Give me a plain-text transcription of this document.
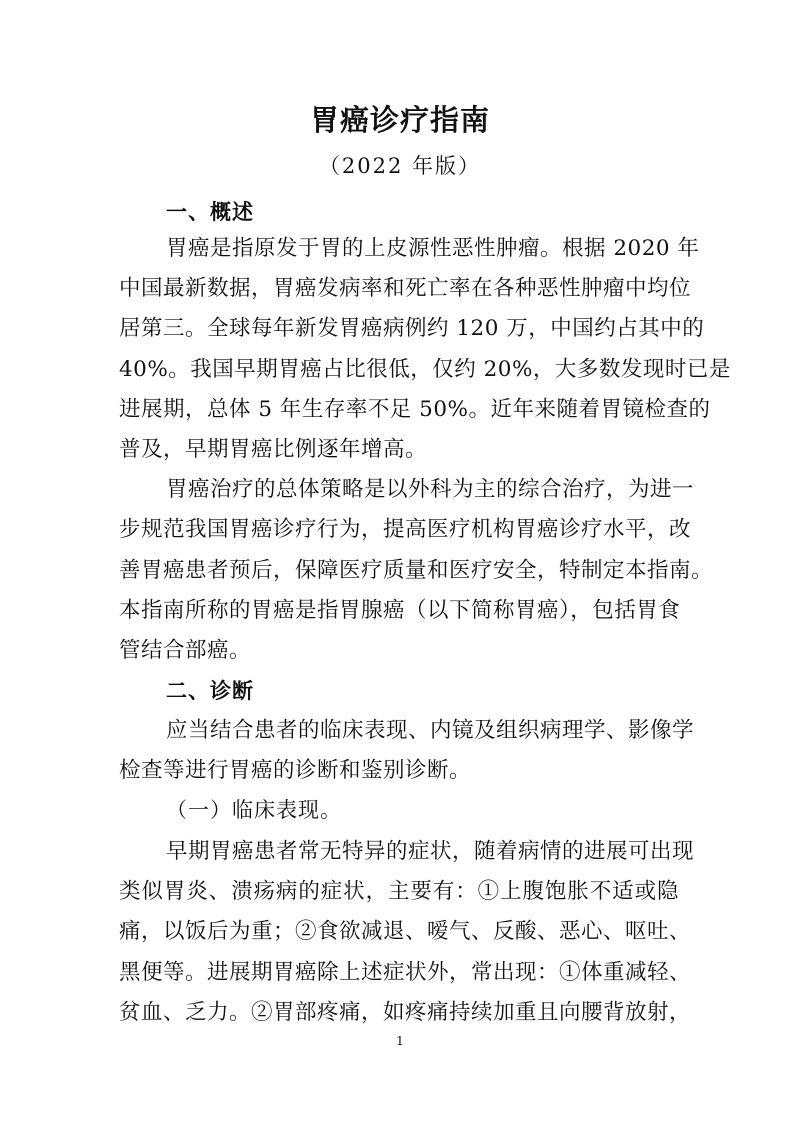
胃癌诊疗指南
（2022 年版）
一、概述
胃癌是指原发于胃的上皮源性恶性肿瘤。根据 2020 年
中国最新数据，胃癌发病率和死亡率在各种恶性肿瘤中均位
居第三。全球每年新发胃癌病例约 120 万，中国约占其中的
40%。我国早期胃癌占比很低，仅约 20%，大多数发现时已是
进展期，总体 5 年生存率不足 50%。近年来随着胃镜检查的
普及，早期胃癌比例逐年增高。
胃癌治疗的总体策略是以外科为主的综合治疗，为进一
步规范我国胃癌诊疗行为，提高医疗机构胃癌诊疗水平，改
善胃癌患者预后，保障医疗质量和医疗安全，特制定本指南。
本指南所称的胃癌是指胃腺癌（以下简称胃癌），包括胃食
管结合部癌。
二、诊断
应当结合患者的临床表现、内镜及组织病理学、影像学
检查等进行胃癌的诊断和鉴别诊断。
（一）临床表现。
早期胃癌患者常无特异的症状，随着病情的进展可出现
类似胃炎、溃疡病的症状，主要有：①上腹饱胀不适或隐
痛，以饭后为重；②食欲减退、嗳气、反酸、恶心、呕吐、
黑便等。进展期胃癌除上述症状外，常出现：①体重减轻、
贫血、乏力。②胃部疼痛，如疼痛持续加重且向腰背放射，
1
